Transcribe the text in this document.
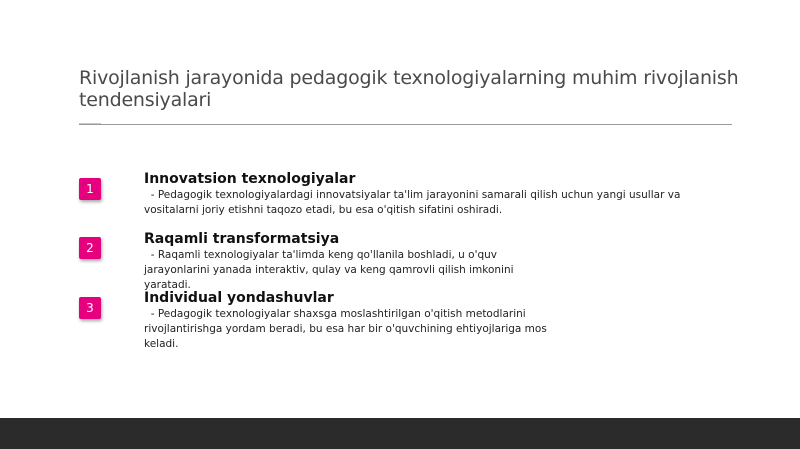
Rivojlanish jarayonida pedagogik texnologiyalarning muhim rivojlanish tendensiyalari
1
Innovatsion texnologiyalar
- Pedagogik texnologiyalardagi innovatsiyalar ta'lim jarayonini samarali qilish uchun yangi usullar va vositalarni joriy etishni taqozo etadi, bu esa o'qitish sifatini oshiradi.
2
Raqamli transformatsiya
- Raqamli texnologiyalar ta'limda keng qo'llanila boshladi, u o'quv jarayonlarini yanada interaktiv, qulay va keng qamrovli qilish imkonini yaratadi.
3
Individual yondashuvlar
- Pedagogik texnologiyalar shaxsga moslashtirilgan o'qitish metodlarini rivojlantirishga yordam beradi, bu esa har bir o'quvchining ehtiyojlariga mos keladi.
